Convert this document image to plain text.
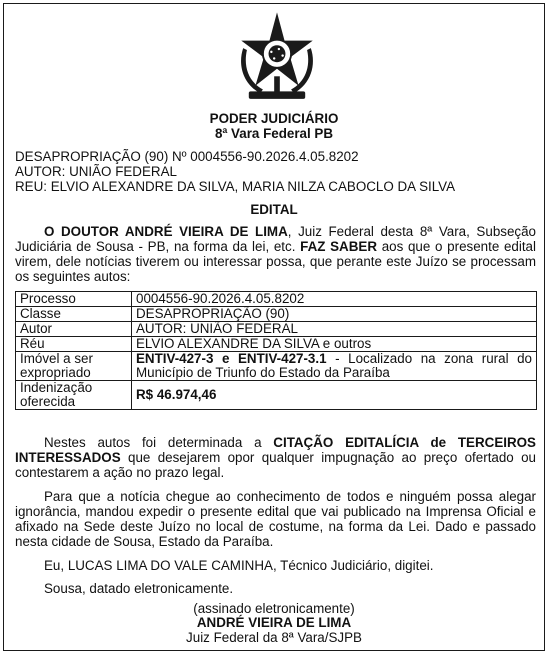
PODER JUDICIÁRIO
8ª Vara Federal PB
DESAPROPRIAÇÃO (90) Nº 0004556-90.2026.4.05.8202
AUTOR: UNIÃO FEDERAL
REU: ELVIO ALEXANDRE DA SILVA, MARIA NILZA CABOCLO DA SILVA
EDITAL
O DOUTOR ANDRÉ VIEIRA DE LIMA, Juiz Federal desta 8ª Vara, Subseção Judiciária de Sousa - PB, na forma da lei, etc. FAZ SABER aos que o presente edital virem, dele notícias tiverem ou interessar possa, que perante este Juízo se processam os seguintes autos:
Processo	0004556-90.2026.4.05.8202
Classe	DESAPROPRIAÇÃO (90)
Autor	AUTOR: UNIÃO FEDERAL
Réu	ELVIO ALEXANDRE DA SILVA e outros
Imóvel a ser expropriado	ENTIV-427-3 e ENTIV-427-3.1 - Localizado na zona rural do Município de Triunfo do Estado da Paraíba
Indenização oferecida	R$ 46.974,46
Nestes autos foi determinada a CITAÇÃO EDITALÍCIA de TERCEIROS INTERESSADOS que desejarem opor qualquer impugnação ao preço ofertado ou contestarem a ação no prazo legal.
Para que a notícia chegue ao conhecimento de todos e ninguém possa alegar ignorância, mandou expedir o presente edital que vai publicado na Imprensa Oficial e afixado na Sede deste Juízo no local de costume, na forma da Lei. Dado e passado nesta cidade de Sousa, Estado da Paraíba.
Eu, LUCAS LIMA DO VALE CAMINHA, Técnico Judiciário, digitei.
Sousa, datado eletronicamente.
(assinado eletronicamente)
ANDRÉ VIEIRA DE LIMA
Juiz Federal da 8ª Vara/SJPB
